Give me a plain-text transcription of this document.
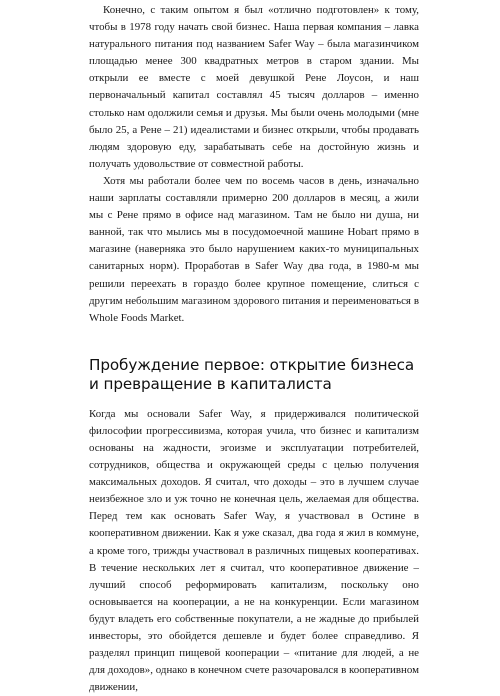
Конечно, с таким опытом я был «отлично подготовлен» к тому, чтобы в 1978 году начать свой бизнес. Наша первая компания – лавка натурального питания под названием Safer Way – была магазинчиком площадью менее 300 квадратных метров в старом здании. Мы открыли ее вместе с моей девушкой Рене Лоусон, и наш первоначальный капитал составлял 45 тысяч долларов – именно столько нам одолжили семья и друзья. Мы были очень молодыми (мне было 25, а Рене – 21) идеалистами и бизнес открыли, чтобы продавать людям здоровую еду, зарабатывать себе на достойную жизнь и получать удовольствие от совместной работы.

Хотя мы работали более чем по восемь часов в день, изначально наши зарплаты составляли примерно 200 долларов в месяц, а жили мы с Рене прямо в офисе над магазином. Там не было ни душа, ни ванной, так что мылись мы в посудомоечной машине Hobart прямо в магазине (наверняка это было нарушением каких-то муниципальных санитарных норм). Проработав в Safer Way два года, в 1980-м мы решили переехать в гораздо более крупное помещение, слиться с другим небольшим магазином здорового питания и переименоваться в Whole Foods Market.

Пробуждение первое: открытие бизнеса и превращение в капиталиста

Когда мы основали Safer Way, я придерживался политической философии прогрессивизма, которая учила, что бизнес и капитализм основаны на жадности, эгоизме и эксплуатации потребителей, сотрудников, общества и окружающей среды с целью получения максимальных доходов. Я считал, что доходы – это в лучшем случае неизбежное зло и уж точно не конечная цель, желаемая для общества. Перед тем как основать Safer Way, я участвовал в Остине в кооперативном движении. Как я уже сказал, два года я жил в коммуне, а кроме того, трижды участвовал в различных пищевых кооперативах. В течение нескольких лет я считал, что кооперативное движение – лучший способ реформировать капитализм, поскольку оно основывается на кооперации, а не на конкуренции. Если магазином будут владеть его собственные покупатели, а не жадные до прибылей инвесторы, это обойдется дешевле и будет более справедливо. Я разделял принцип пищевой кооперации – «питание для людей, а не для доходов», однако в конечном счете разочаровался в кооперативном движении,
